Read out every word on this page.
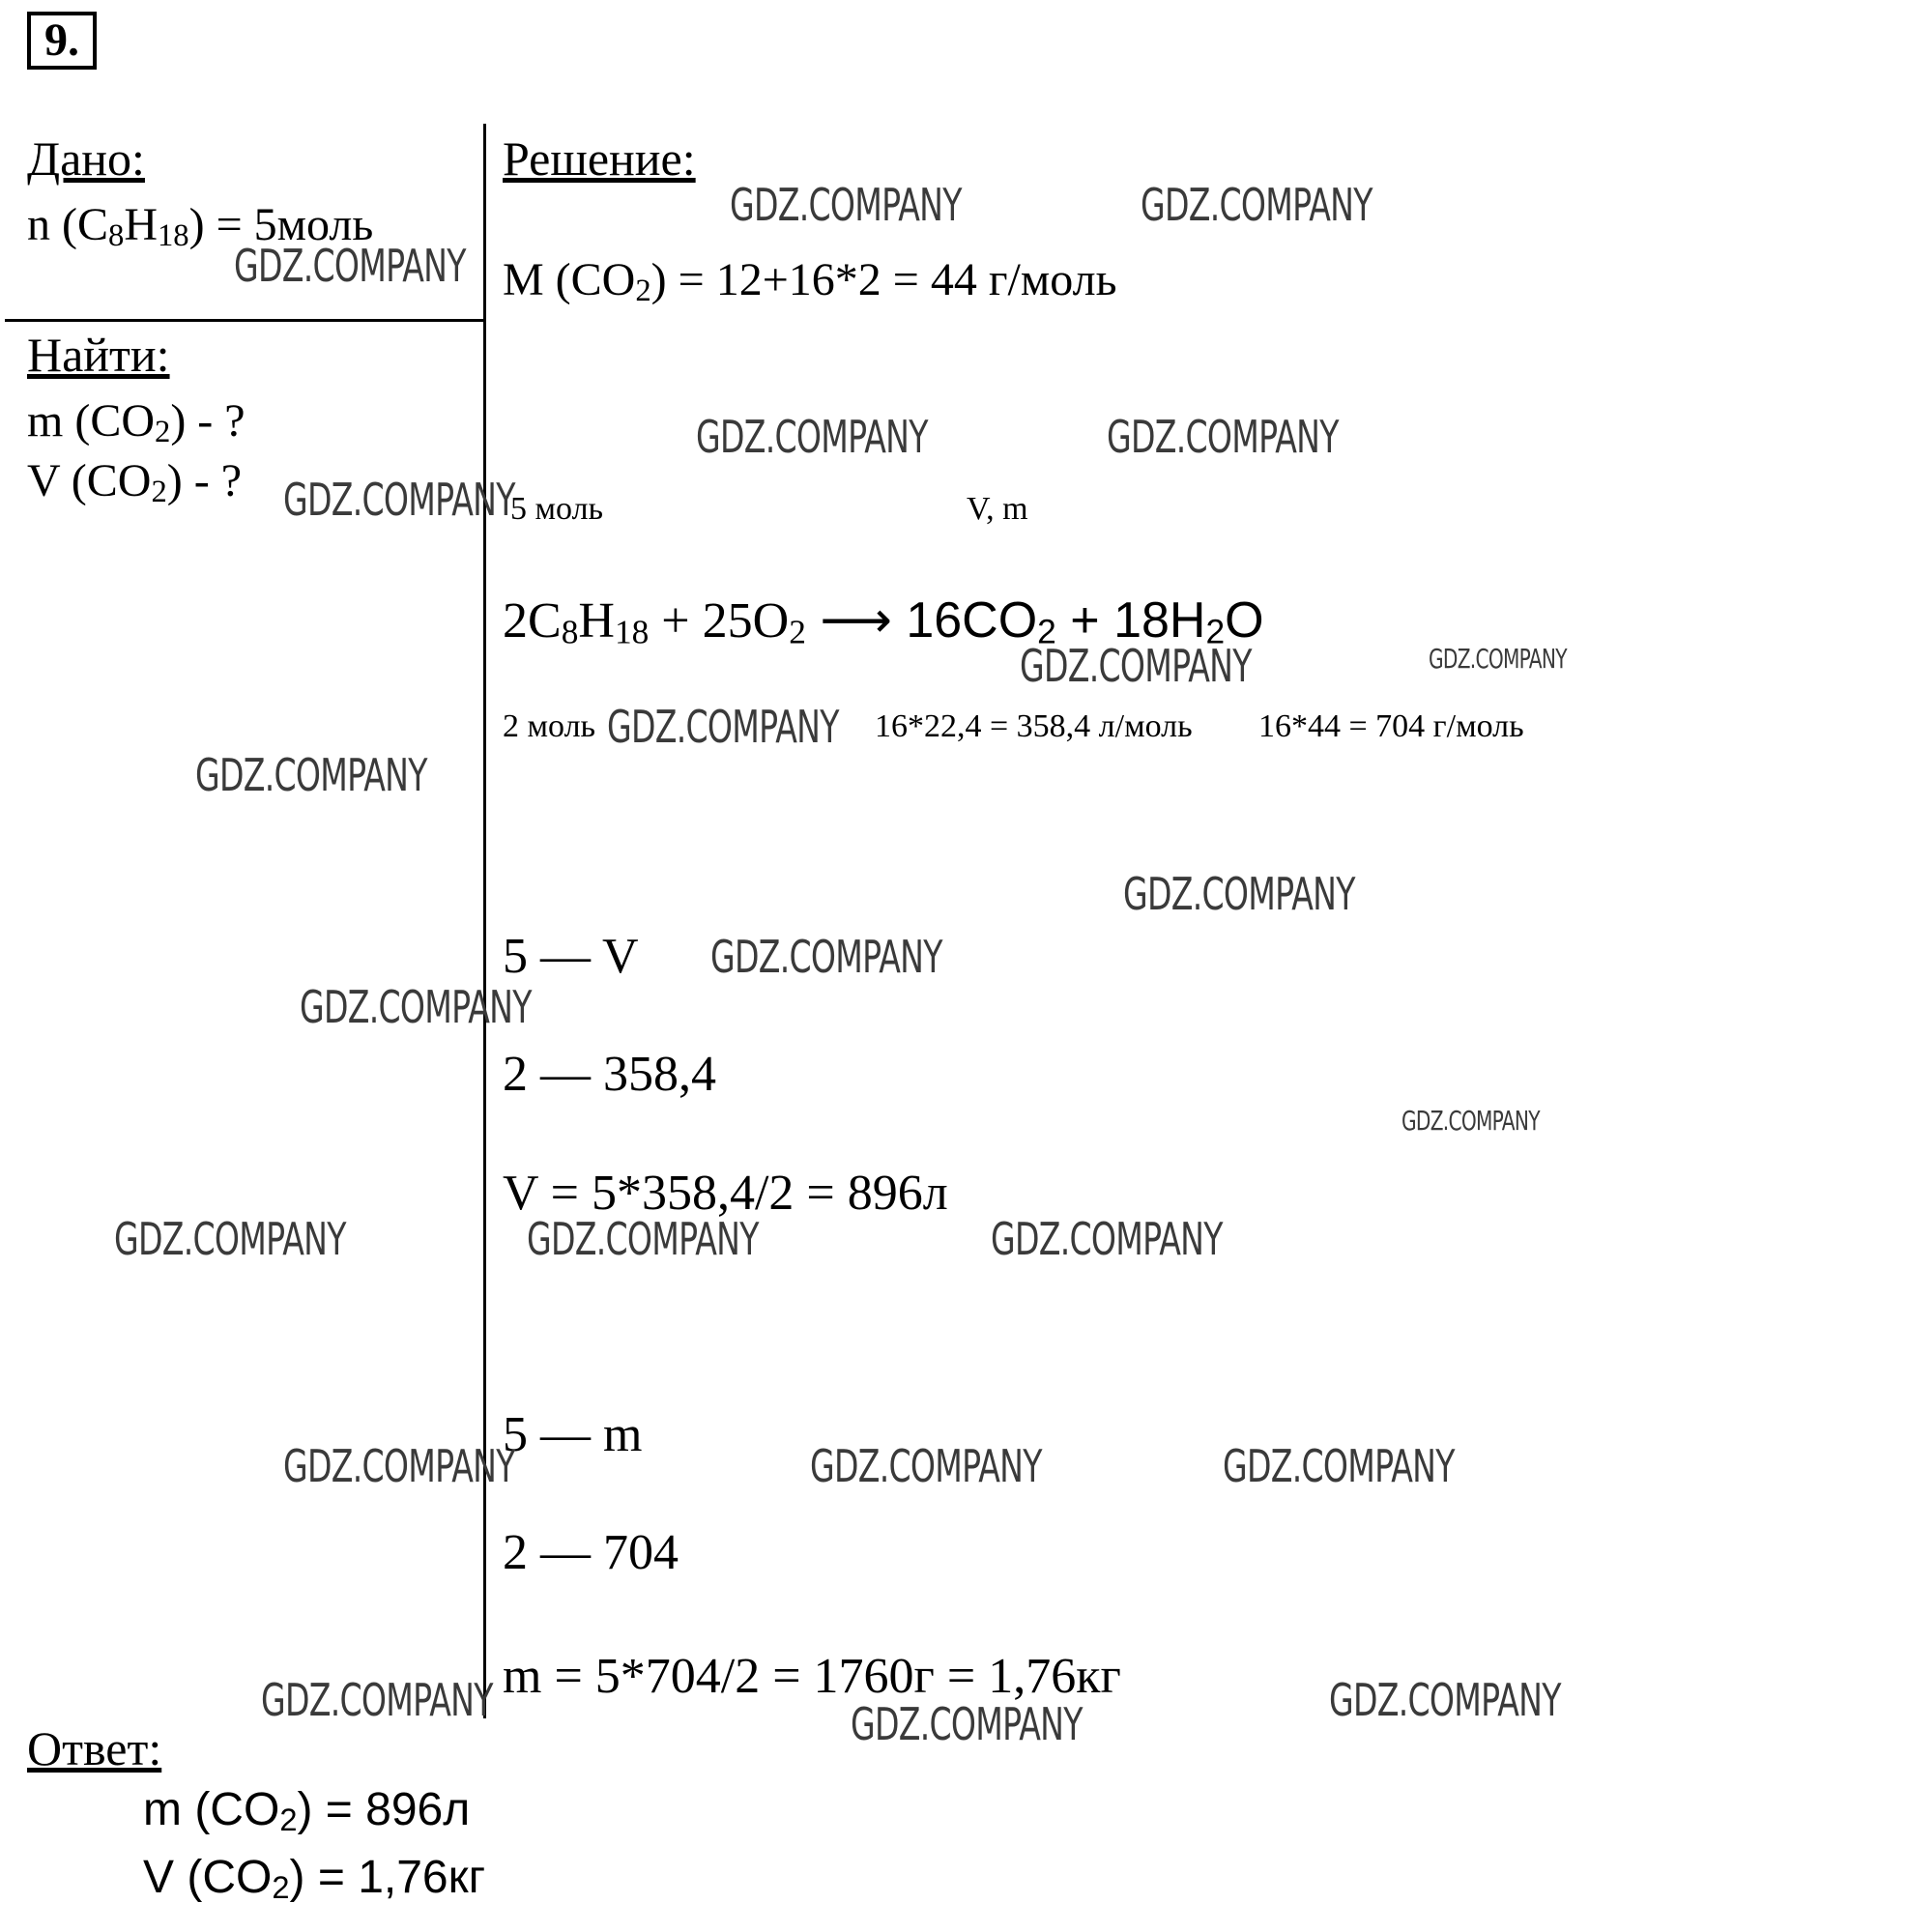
9.
Дано:
n $(C_8H_{18})$ = 5моль
Найти:
m $(CO_2)$ - ?
V $(CO_2)$ - ?
Решение:
M $(CO_2) = 12+16*2 = 44$ г/моль
5 моль	V, m
$2C_8H_{18} + 25O_2$ ⟶ $16CO_2 + 18H_2O$
2 моль	16*22,4 = 358,4 л/моль 16*44 = 704 г/моль
5 — V
2 — 358,4
V = 5*358,4/2 = 896л
5 — m
2 — 704
m = 5*704/2 = 1760г = 1,76кг
Ответ:
m $(CO_2) = 896л$
V $(CO_2) = 1,76кг$
GDZ.COMPANY	GDZ.COMPANY
GDZ.COMPANY
GDZ.COMPANY	GDZ.COMPANY
GDZ.COMPANY
GDZ.COMPANY	GDZ.COMPANY
GDZ.COMPANY
GDZ.COMPANY
GDZ.COMPANY
GDZ.COMPANY
GDZ.COMPANY
GDZ.COMPANY
GDZ.COMPANY	GDZ.COMPANY	GDZ.COMPANY
GDZ.COMPANY	GDZ.COMPANY	GDZ.COMPANY
GDZ.COMPANY	GDZ.COMPANY	GDZ.COMPANY
